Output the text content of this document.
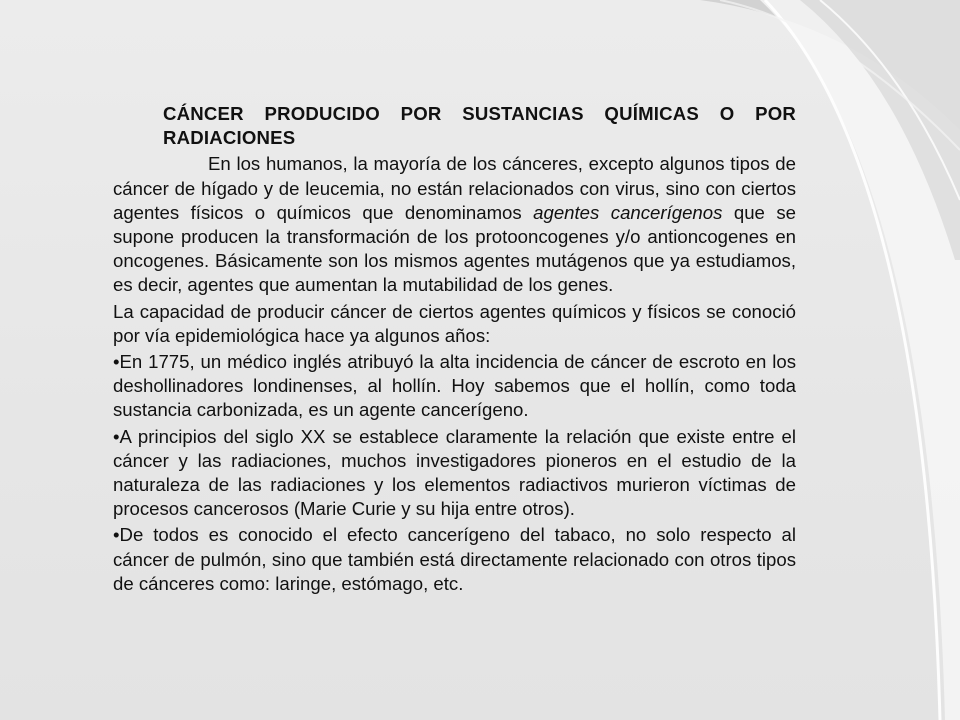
CÁNCER PRODUCIDO POR SUSTANCIAS QUÍMICAS O POR RADIACIONES

En los humanos, la mayoría de los cánceres, excepto algunos tipos de cáncer de hígado y de leucemia, no están relacionados con virus, sino con ciertos agentes físicos o químicos que denominamos agentes cancerígenos que se supone producen la transformación de los protooncogenes y/o antioncogenes en oncogenes. Básicamente son los mismos agentes mutágenos que ya estudiamos, es decir, agentes que aumentan la mutabilidad de los genes.

La capacidad de producir cáncer de ciertos agentes químicos y físicos se conoció por vía epidemiológica hace ya algunos años:

• En 1775, un médico inglés atribuyó la alta incidencia de cáncer de escroto en los deshollinadores londinenses, al hollín. Hoy sabemos que el hollín, como toda sustancia carbonizada, es un agente cancerígeno.

• A principios del siglo XX se establece claramente la relación que existe entre el cáncer y las radiaciones, muchos investigadores pioneros en el estudio de la naturaleza de las radiaciones y los elementos radiactivos murieron víctimas de procesos cancerosos (Marie Curie y su hija entre otros).

• De todos es conocido el efecto cancerígeno del tabaco, no solo respecto al cáncer de pulmón, sino que también está directamente relacionado con otros tipos de cánceres como: laringe, estómago, etc.
